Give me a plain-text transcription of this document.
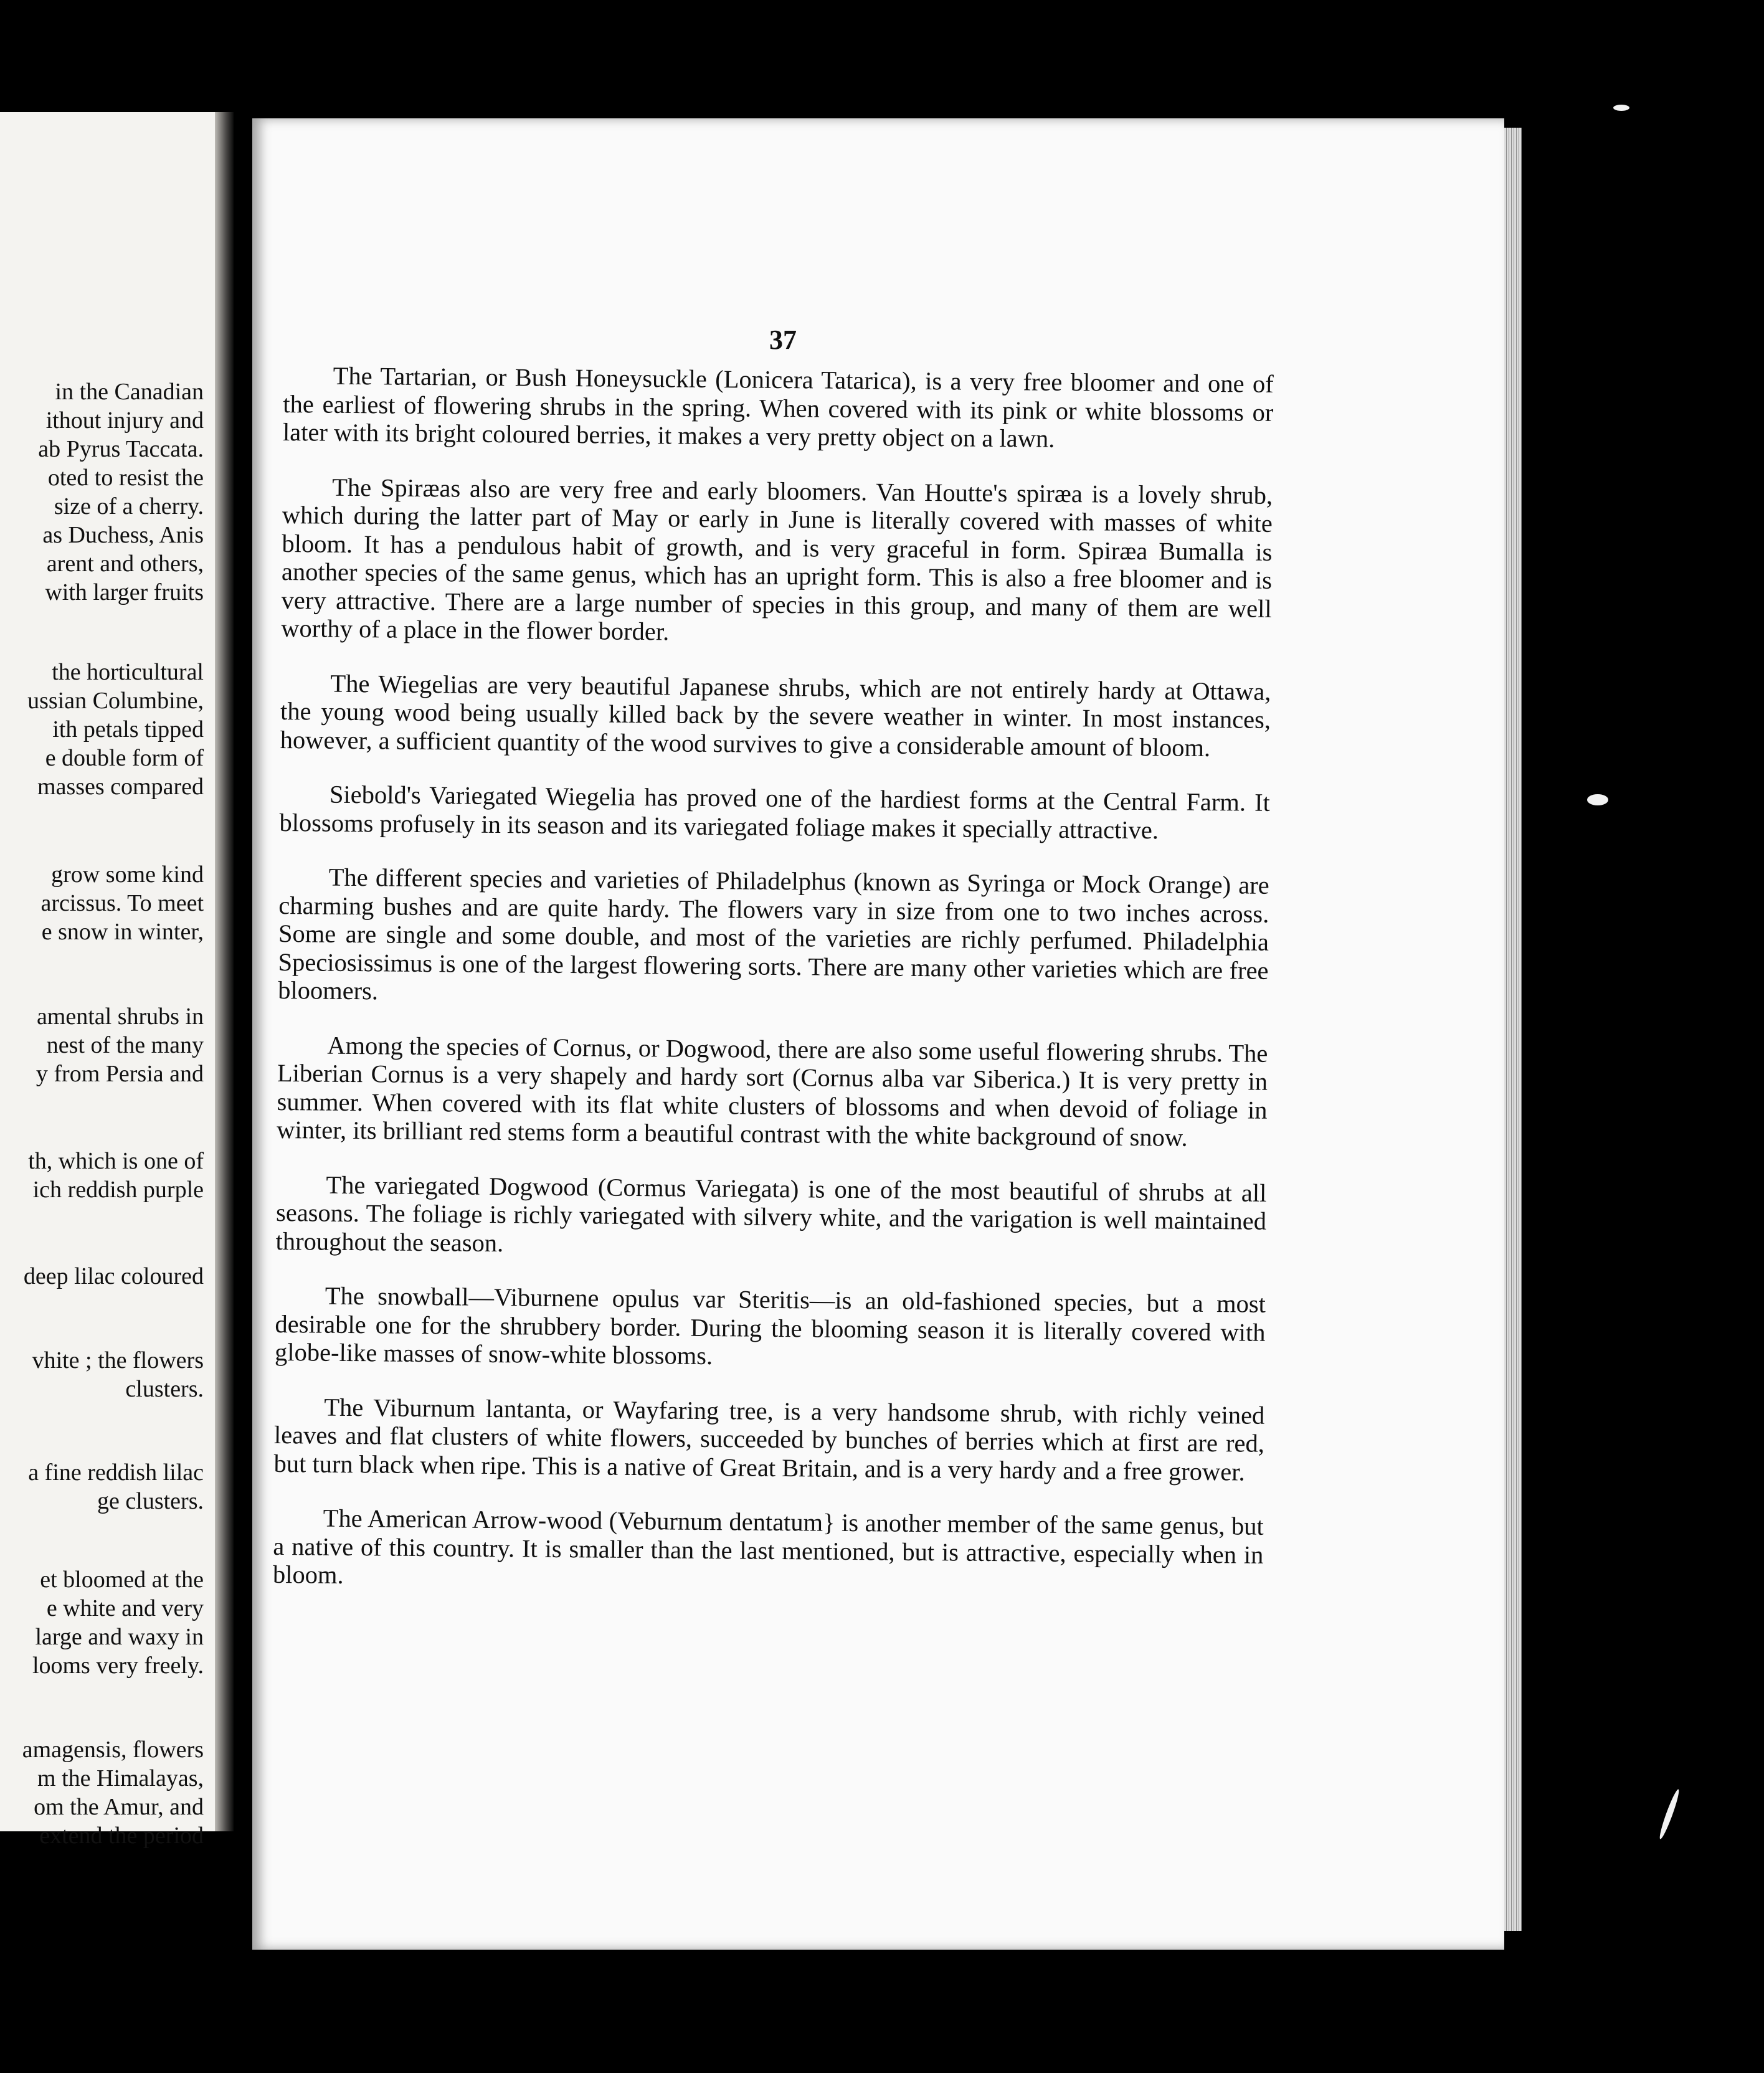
in the Canadian
ithout injury and
ab Pyrus Taccata.
oted to resist the
size of a cherry.
as Duchess, Anis
arent and others,
with larger fruits
the horticultural
ussian Columbine,
ith petals tipped
e double form of
masses compared
grow some kind
arcissus. To meet
e snow in winter,
amental shrubs in
nest of the many
y from Persia and
th, which is one of
ich reddish purple
deep lilac coloured
vhite ; the flowers
clusters.
a fine reddish lilac
ge clusters.
et bloomed at the
e white and very
large and waxy in
looms very freely.
amagensis, flowers
m the Himalayas,
om the Amur, and
extend the period

37

The Tartarian, or Bush Honeysuckle (Lonicera Tatarica), is a very free bloomer and one of the earliest of flowering shrubs in the spring. When covered with its pink or white blossoms or later with its bright coloured berries, it makes a very pretty object on a lawn.

The Spiræas also are very free and early bloomers. Van Houtte's spiræa is a lovely shrub, which during the latter part of May or early in June is literally covered with masses of white bloom. It has a pendulous habit of growth, and is very graceful in form. Spiræa Bumalla is another species of the same genus, which has an upright form. This is also a free bloomer and is very attractive. There are a large number of species in this group, and many of them are well worthy of a place in the flower border.

The Wiegelias are very beautiful Japanese shrubs, which are not entirely hardy at Ottawa, the young wood being usually killed back by the severe weather in winter. In most instances, however, a sufficient quantity of the wood survives to give a considerable amount of bloom.

Siebold's Variegated Wiegelia has proved one of the hardiest forms at the Central Farm. It blossoms profusely in its season and its variegated foliage makes it specially attractive.

The different species and varieties of Philadelphus (known as Syringa or Mock Orange) are charming bushes and are quite hardy. The flowers vary in size from one to two inches across. Some are single and some double, and most of the varieties are richly perfumed. Philadelphia Speciosissimus is one of the largest flowering sorts. There are many other varieties which are free bloomers.

Among the species of Cornus, or Dogwood, there are also some useful flowering shrubs. The Liberian Cornus is a very shapely and hardy sort (Cornus alba var Siberica.) It is very pretty in summer. When covered with its flat white clusters of blossoms and when devoid of foliage in winter, its brilliant red stems form a beautiful contrast with the white background of snow.

The variegated Dogwood (Cormus Variegata) is one of the most beautiful of shrubs at all seasons. The foliage is richly variegated with silvery white, and the varigation is well maintained throughout the season.

The snowball—Viburnene opulus var Steritis—is an old-fashioned species, but a most desirable one for the shrubbery border. During the blooming season it is literally covered with globe-like masses of snow-white blossoms.

The Viburnum lantanta, or Wayfaring tree, is a very handsome shrub, with richly veined leaves and flat clusters of white flowers, succeeded by bunches of berries which at first are red, but turn black when ripe. This is a native of Great Britain, and is a very hardy and a free grower.

The American Arrow-wood (Veburnum dentatum} is another member of the same genus, but a native of this country. It is smaller than the last mentioned, but is attractive, especially when in bloom.
